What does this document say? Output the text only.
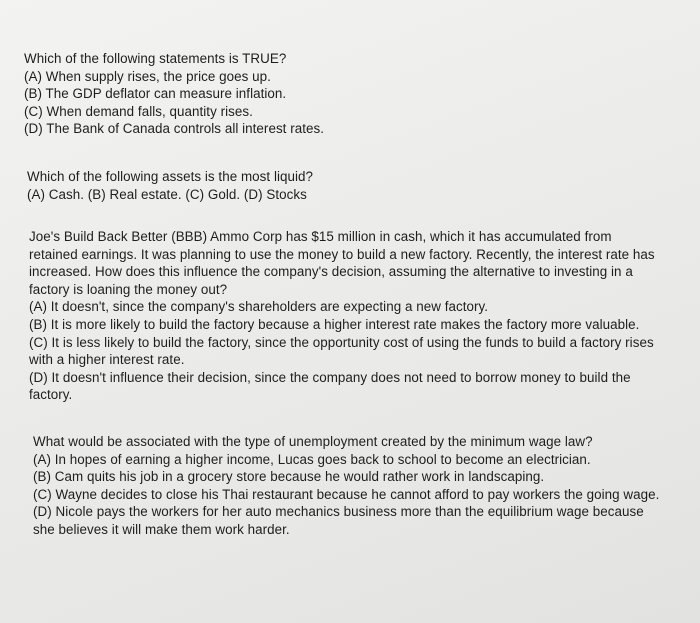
Which of the following statements is TRUE?
(A) When supply rises, the price goes up.
(B) The GDP deflator can measure inflation.
(C) When demand falls, quantity rises.
(D) The Bank of Canada controls all interest rates.
Which of the following assets is the most liquid?
(A) Cash. (B) Real estate. (C) Gold. (D) Stocks
Joe's Build Back Better (BBB) Ammo Corp has $15 million in cash, which it has accumulated from
retained earnings. It was planning to use the money to build a new factory. Recently, the interest rate has
increased. How does this influence the company's decision, assuming the alternative to investing in a
factory is loaning the money out?
(A) It doesn't, since the company's shareholders are expecting a new factory.
(B) It is more likely to build the factory because a higher interest rate makes the factory more valuable.
(C) It is less likely to build the factory, since the opportunity cost of using the funds to build a factory rises
with a higher interest rate.
(D) It doesn't influence their decision, since the company does not need to borrow money to build the
factory.
What would be associated with the type of unemployment created by the minimum wage law?
(A) In hopes of earning a higher income, Lucas goes back to school to become an electrician.
(B) Cam quits his job in a grocery store because he would rather work in landscaping.
(C) Wayne decides to close his Thai restaurant because he cannot afford to pay workers the going wage.
(D) Nicole pays the workers for her auto mechanics business more than the equilibrium wage because
she believes it will make them work harder.
